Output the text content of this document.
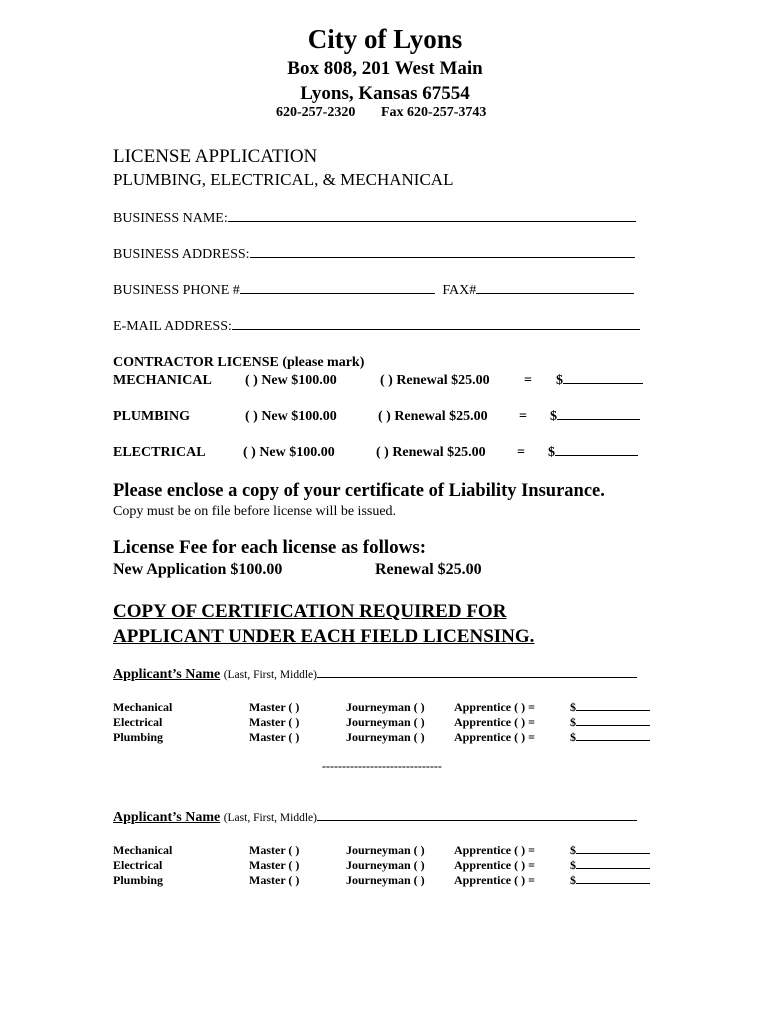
City of Lyons
Box 808, 201 West Main
Lyons, Kansas 67554
620-257-2320 Fax 620-257-3743
LICENSE APPLICATION
PLUMBING, ELECTRICAL, & MECHANICAL
BUSINESS NAME:
BUSINESS ADDRESS:
BUSINESS PHONE #	FAX#
E-MAIL ADDRESS:
CONTRACTOR LICENSE (please mark)
MECHANICAL ( ) New $100.00	( ) Renewal $25.00 = $
PLUMBING	( ) New $100.00	( ) Renewal $25.00 = $
ELECTRICAL	( ) New $100.00	( ) Renewal $25.00 = $
Please enclose a copy of your certificate of Liability Insurance.
Copy must be on file before license will be issued.
License Fee for each license as follows:
New Application $100.00	Renewal $25.00
COPY OF CERTIFICATION REQUIRED FOR
APPLICANT UNDER EACH FIELD LICENSING.
Applicant’s Name (Last, First, Middle)
Mechanical	Master ( )	Journeyman ( ) Apprentice ( ) =	$
Electrical	Master ( )	Journeyman ( ) Apprentice ( ) =	$
Plumbing	Master ( )	Journeyman ( ) Apprentice ( ) =	$
------------------------------
Applicant’s Name (Last, First, Middle)
Mechanical	Master ( )	Journeyman ( ) Apprentice ( ) =	$
Electrical	Master ( )	Journeyman ( ) Apprentice ( ) =	$
Plumbing	Master ( )	Journeyman ( ) Apprentice ( ) =	$
